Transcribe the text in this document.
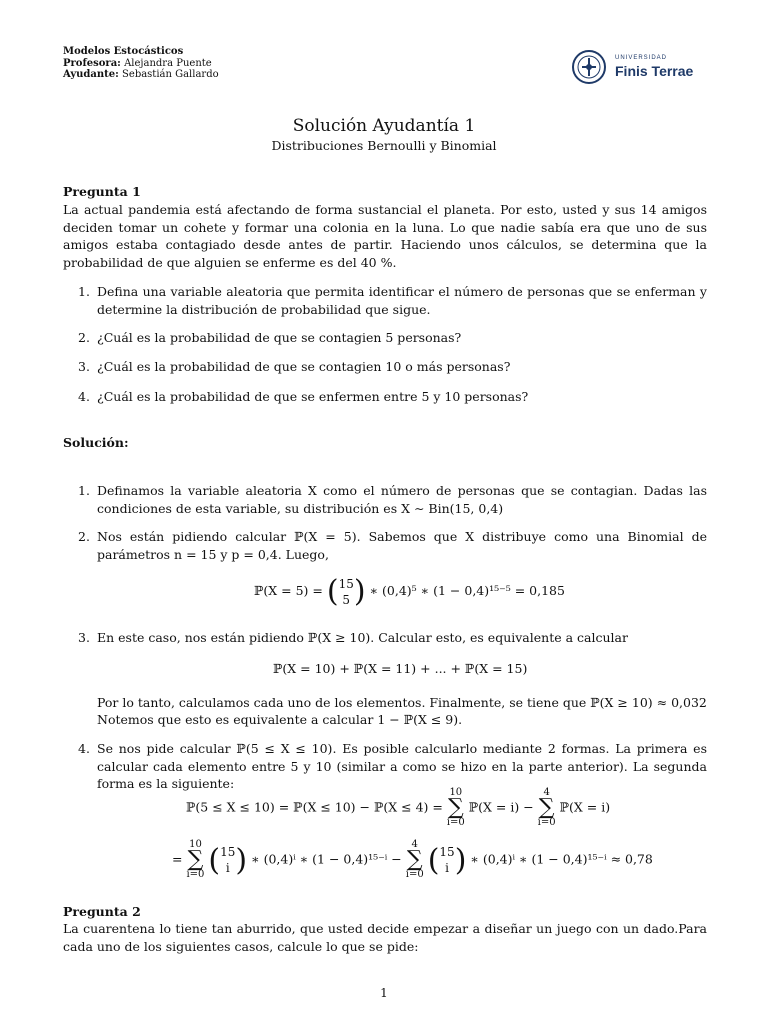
Modelos Estocásticos
Profesora: Alejandra Puente
Ayudante: Sebastián Gallardo
UNIVERSIDAD
Finis Terrae
Solución Ayudantía 1
Distribuciones Bernoulli y Binomial
Pregunta 1
La actual pandemia está afectando de forma sustancial el planeta. Por esto, usted y sus 14 amigos deciden tomar un cohete y formar una colonia en la luna. Lo que nadie sabía era que uno de sus amigos estaba contagiado desde antes de partir. Haciendo unos cálculos, se determina que la probabilidad de que alguien se enferme es del 40 %.
1. Defina una variable aleatoria que permita identificar el número de personas que se enferman y determine la distribución de probabilidad que sigue.
2. ¿Cuál es la probabilidad de que se contagien 5 personas?
3. ¿Cuál es la probabilidad de que se contagien 10 o más personas?
4. ¿Cuál es la probabilidad de que se enfermen entre 5 y 10 personas?
Solución:
1. Definamos la variable aleatoria X como el número de personas que se contagian. Dadas las condiciones de esta variable, su distribución es X ∼ Bin(15, 0,4)
2. Nos están pidiendo calcular ℙ(X = 5). Sabemos que X distribuye como una Binomial de parámetros n = 15 y p = 0,4. Luego,
ℙ(X = 5) = (15
5 ) ∗ (0,4)⁵ ∗ (1 − 0,4)¹⁵⁻⁵ = 0,185
3. En este caso, nos están pidiendo ℙ(X ≥ 10). Calcular esto, es equivalente a calcular
ℙ(X = 10) + ℙ(X = 11) + ... + ℙ(X = 15)
Por lo tanto, calculamos cada uno de los elementos. Finalmente, se tiene que ℙ(X ≥ 10) ≈ 0,032
Notemos que esto es equivalente a calcular 1 − ℙ(X ≤ 9).
4. Se nos pide calcular ℙ(5 ≤ X ≤ 10). Es posible calcularlo mediante 2 formas. La primera es calcular cada elemento entre 5 y 10 (similar a como se hizo en la parte anterior). La segunda forma es la siguiente:
ℙ(5 ≤ X ≤ 10) = ℙ(X ≤ 10) − ℙ(X ≤ 4) = 10
∑
i=0 ℙ(X = i) − 4
∑
i=0 ℙ(X = i)
= 10
∑
i=0 (15
i ) ∗ (0,4)ⁱ ∗ (1 − 0,4)¹⁵⁻ⁱ − 4
∑
i=0 (15
i ) ∗ (0,4)ⁱ ∗ (1 − 0,4)¹⁵⁻ⁱ ≈ 0,78
Pregunta 2
La cuarentena lo tiene tan aburrido, que usted decide empezar a diseñar un juego con un dado.Para cada uno de los siguientes casos, calcule lo que se pide:
1
